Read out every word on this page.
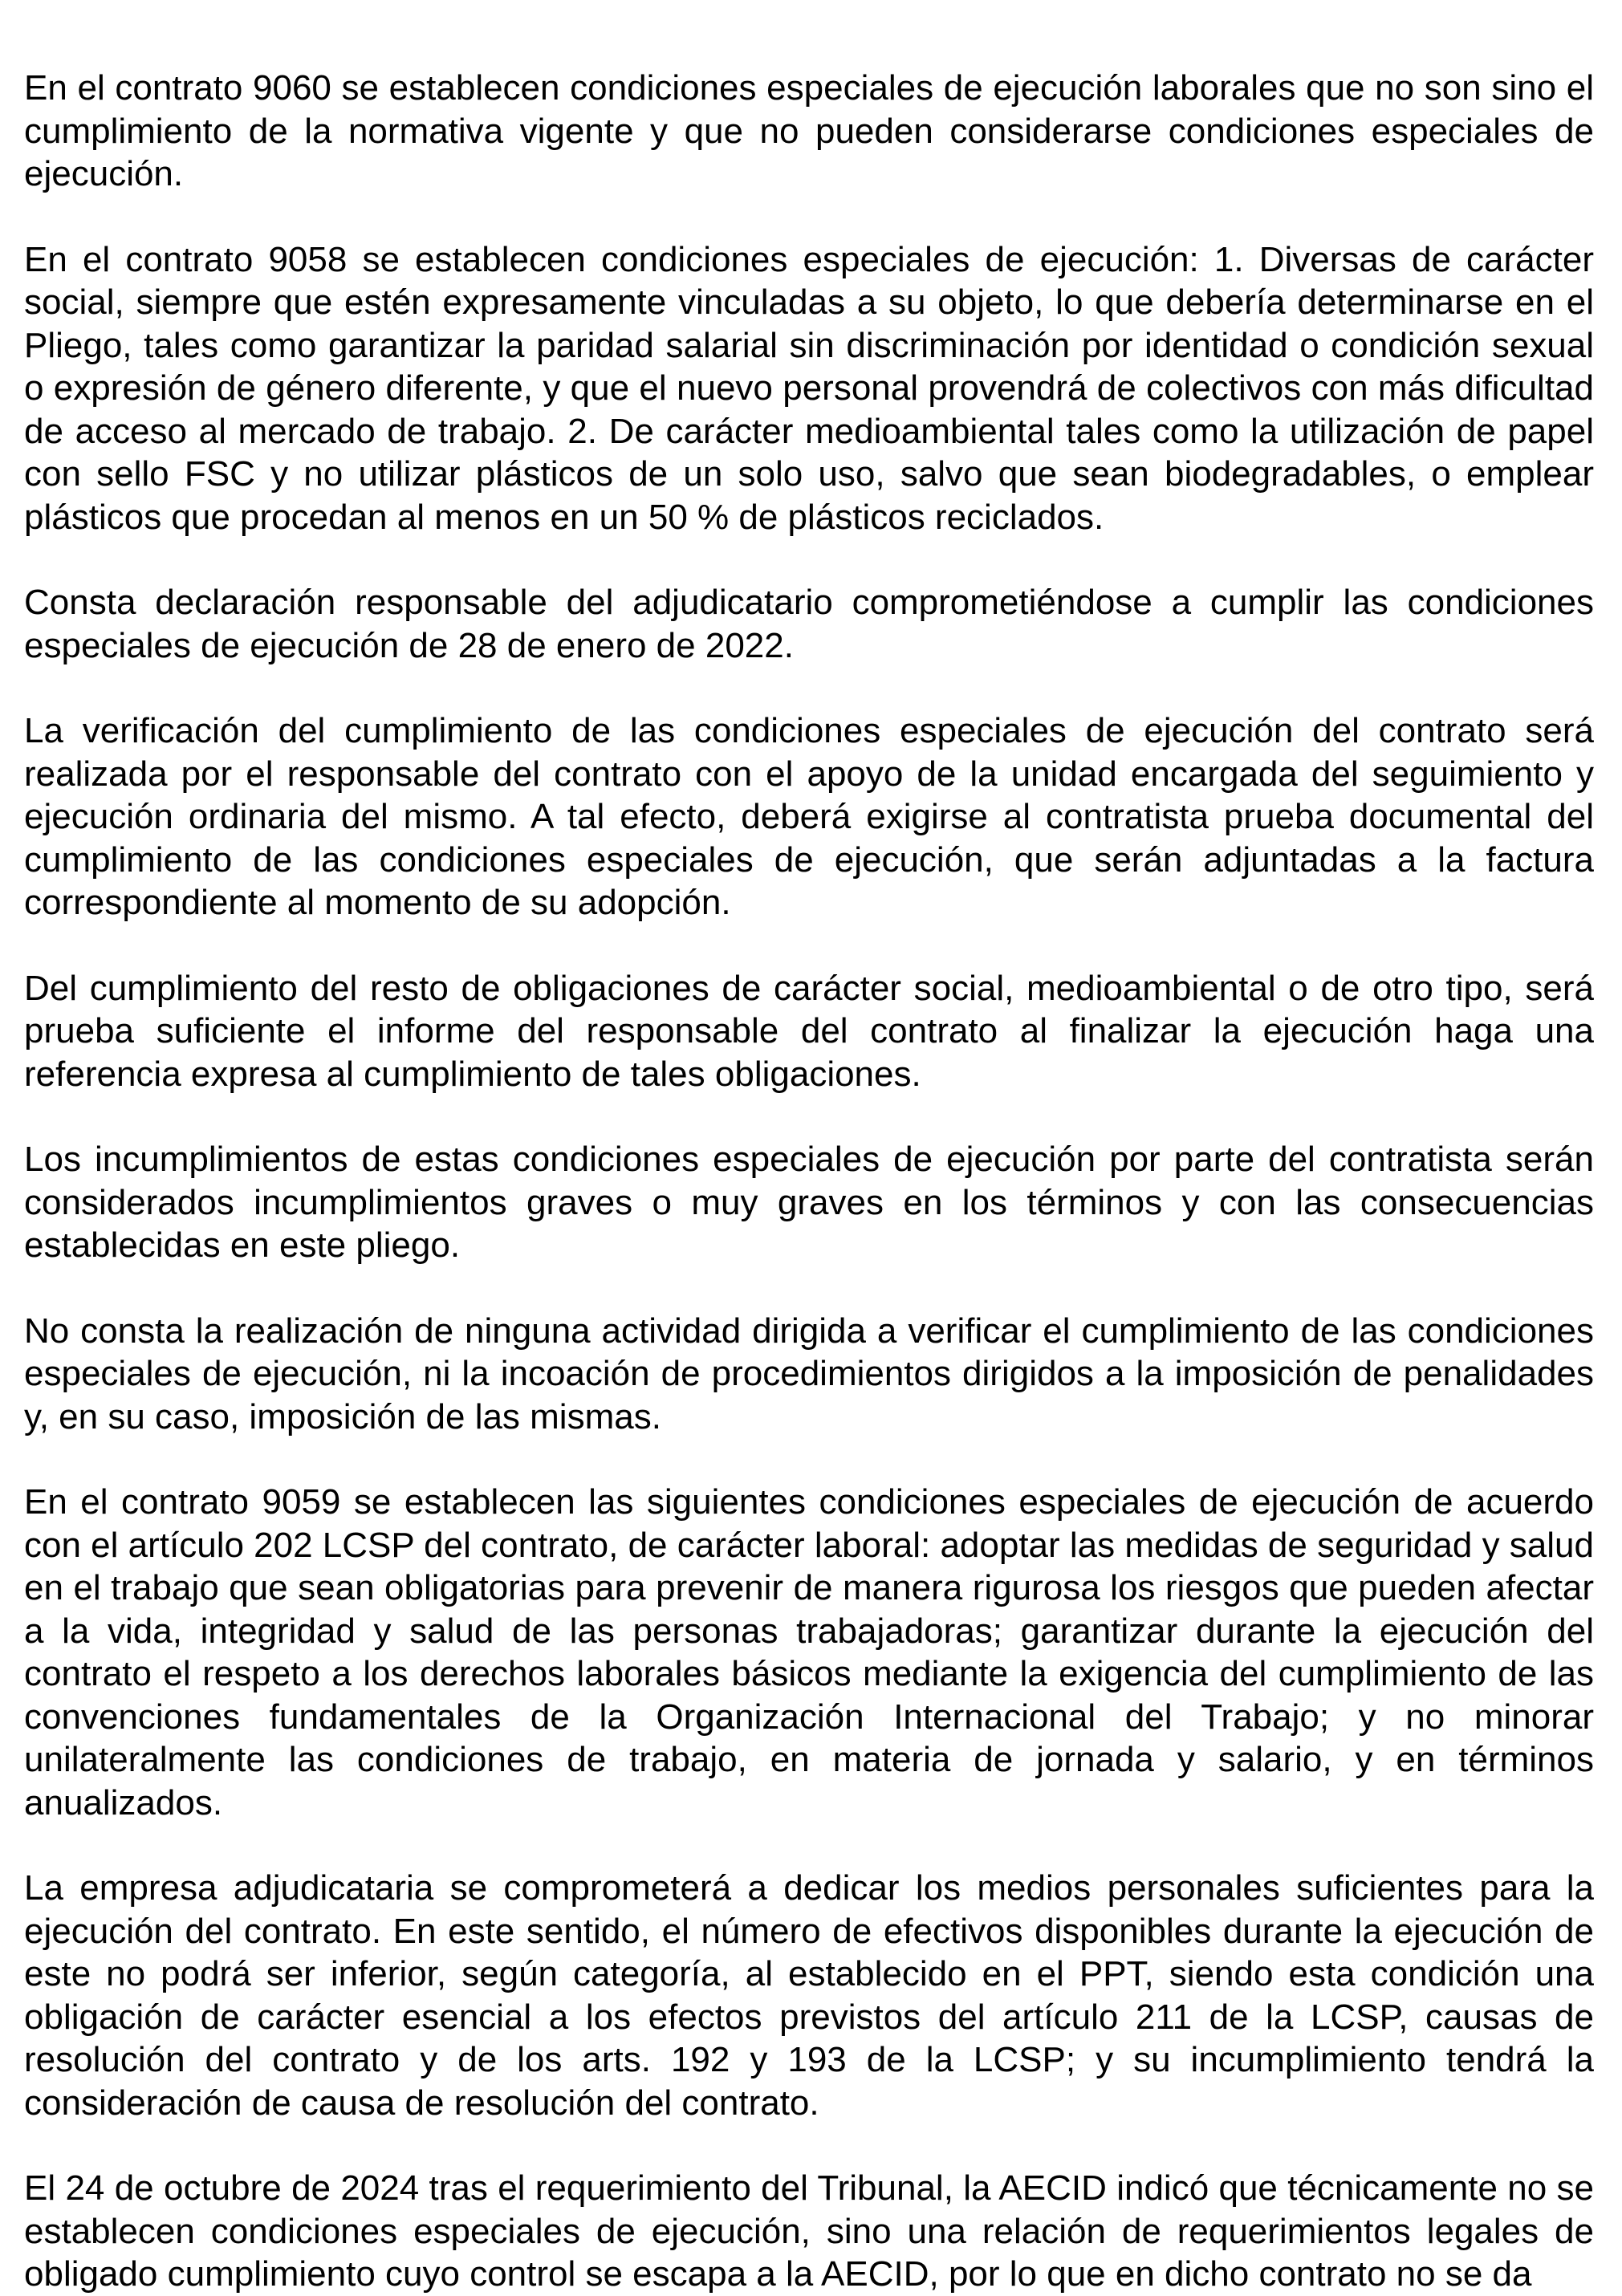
En el contrato 9060 se establecen condiciones especiales de ejecución laborales que no son sino el cumplimiento de la normativa vigente y que no pueden considerarse condiciones especiales de ejecución.

En el contrato 9058 se establecen condiciones especiales de ejecución: 1. Diversas de carácter social, siempre que estén expresamente vinculadas a su objeto, lo que debería determinarse en el Pliego, tales como garantizar la paridad salarial sin discriminación por identidad o condición sexual o expresión de género diferente, y que el nuevo personal provendrá de colectivos con más dificultad de acceso al mercado de trabajo. 2. De carácter medioambiental tales como la utilización de papel con sello FSC y no utilizar plásticos de un solo uso, salvo que sean biodegradables, o emplear plásticos que procedan al menos en un 50 % de plásticos reciclados.

Consta declaración responsable del adjudicatario comprometiéndose a cumplir las condiciones especiales de ejecución de 28 de enero de 2022.

La verificación del cumplimiento de las condiciones especiales de ejecución del contrato será realizada por el responsable del contrato con el apoyo de la unidad encargada del seguimiento y ejecución ordinaria del mismo. A tal efecto, deberá exigirse al contratista prueba documental del cumplimiento de las condiciones especiales de ejecución, que serán adjuntadas a la factura correspondiente al momento de su adopción.

Del cumplimiento del resto de obligaciones de carácter social, medioambiental o de otro tipo, será prueba suficiente el informe del responsable del contrato al finalizar la ejecución haga una referencia expresa al cumplimiento de tales obligaciones.

Los incumplimientos de estas condiciones especiales de ejecución por parte del contratista serán considerados incumplimientos graves o muy graves en los términos y con las consecuencias establecidas en este pliego.

No consta la realización de ninguna actividad dirigida a verificar el cumplimiento de las condiciones especiales de ejecución, ni la incoación de procedimientos dirigidos a la imposición de penalidades y, en su caso, imposición de las mismas.

En el contrato 9059 se establecen las siguientes condiciones especiales de ejecución de acuerdo con el artículo 202 LCSP del contrato, de carácter laboral: adoptar las medidas de seguridad y salud en el trabajo que sean obligatorias para prevenir de manera rigurosa los riesgos que pueden afectar a la vida, integridad y salud de las personas trabajadoras; garantizar durante la ejecución del contrato el respeto a los derechos laborales básicos mediante la exigencia del cumplimiento de las convenciones fundamentales de la Organización Internacional del Trabajo; y no minorar unilateralmente las condiciones de trabajo, en materia de jornada y salario, y en términos anualizados.

La empresa adjudicataria se comprometerá a dedicar los medios personales suficientes para la ejecución del contrato. En este sentido, el número de efectivos disponibles durante la ejecución de este no podrá ser inferior, según categoría, al establecido en el PPT, siendo esta condición una obligación de carácter esencial a los efectos previstos del artículo 211 de la LCSP, causas de resolución del contrato y de los arts. 192 y 193 de la LCSP; y su incumplimiento tendrá la consideración de causa de resolución del contrato.

El 24 de octubre de 2024 tras el requerimiento del Tribunal, la AECID indicó que técnicamente no se establecen condiciones especiales de ejecución, sino una relación de requerimientos legales de obligado cumplimiento cuyo control se escapa a la AECID, por lo que en dicho contrato no se da
